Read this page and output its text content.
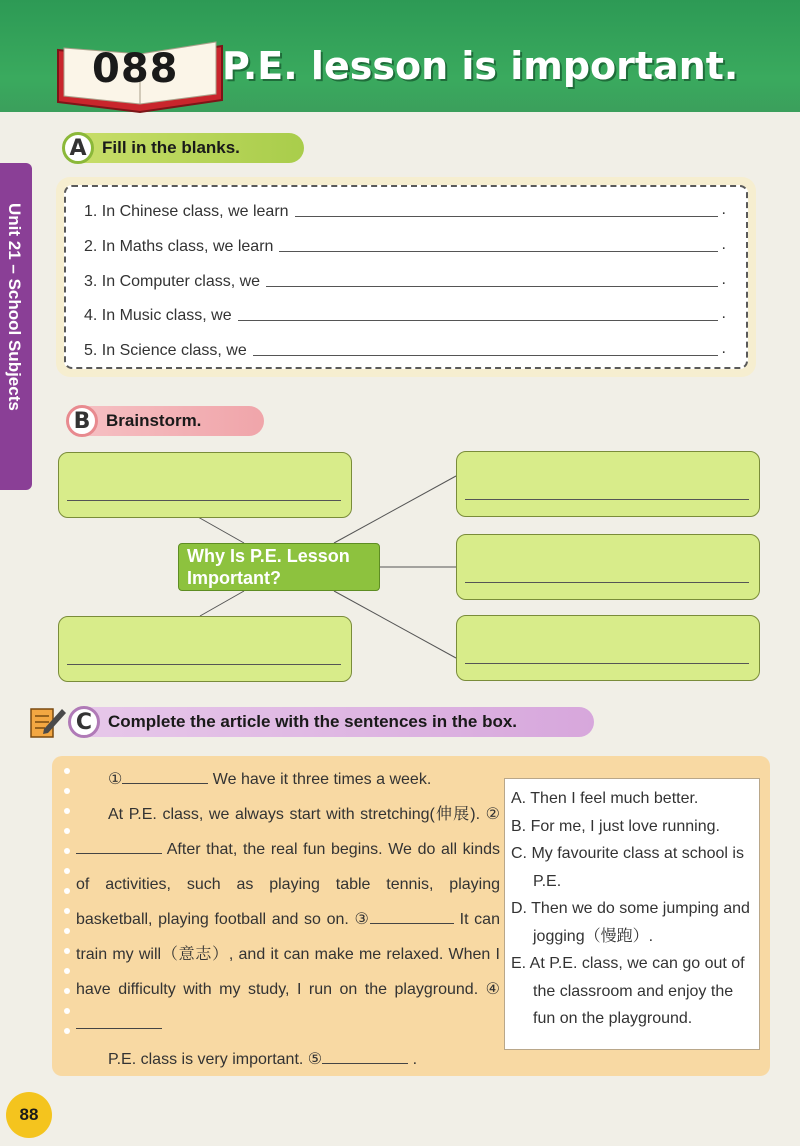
088 P.E. lesson is important.
Unit 21 – School Subjects
A Fill in the blanks.
1. In Chinese class, we learn	.
2. In Maths class, we learn	.
3. In Computer class, we	.
4. In Music class, we	.
5. In Science class, we	.
B Brainstorm.
Why Is P.E. Lesson Important?
C Complete the article with the sentences in the box.

①	We have it three times a week.

At P.E. class, we always start with stretching(伸展). ② After that, the real fun begins. We do all kinds of activities, such as playing table tennis, playing basketball, playing football and so on. ③	It can train my will（意志）, and it can make me relaxed. When I have difficulty with my study, I run on the playground. ④

P.E. class is very important. ⑤	.

A. Then I feel much better.
B. For me, I just love running.
C. My favourite class at school is P.E.
D. Then we do some jumping and jogging（慢跑）.
E. At P.E. class, we can go out of the classroom and enjoy the fun on the playground.
88
